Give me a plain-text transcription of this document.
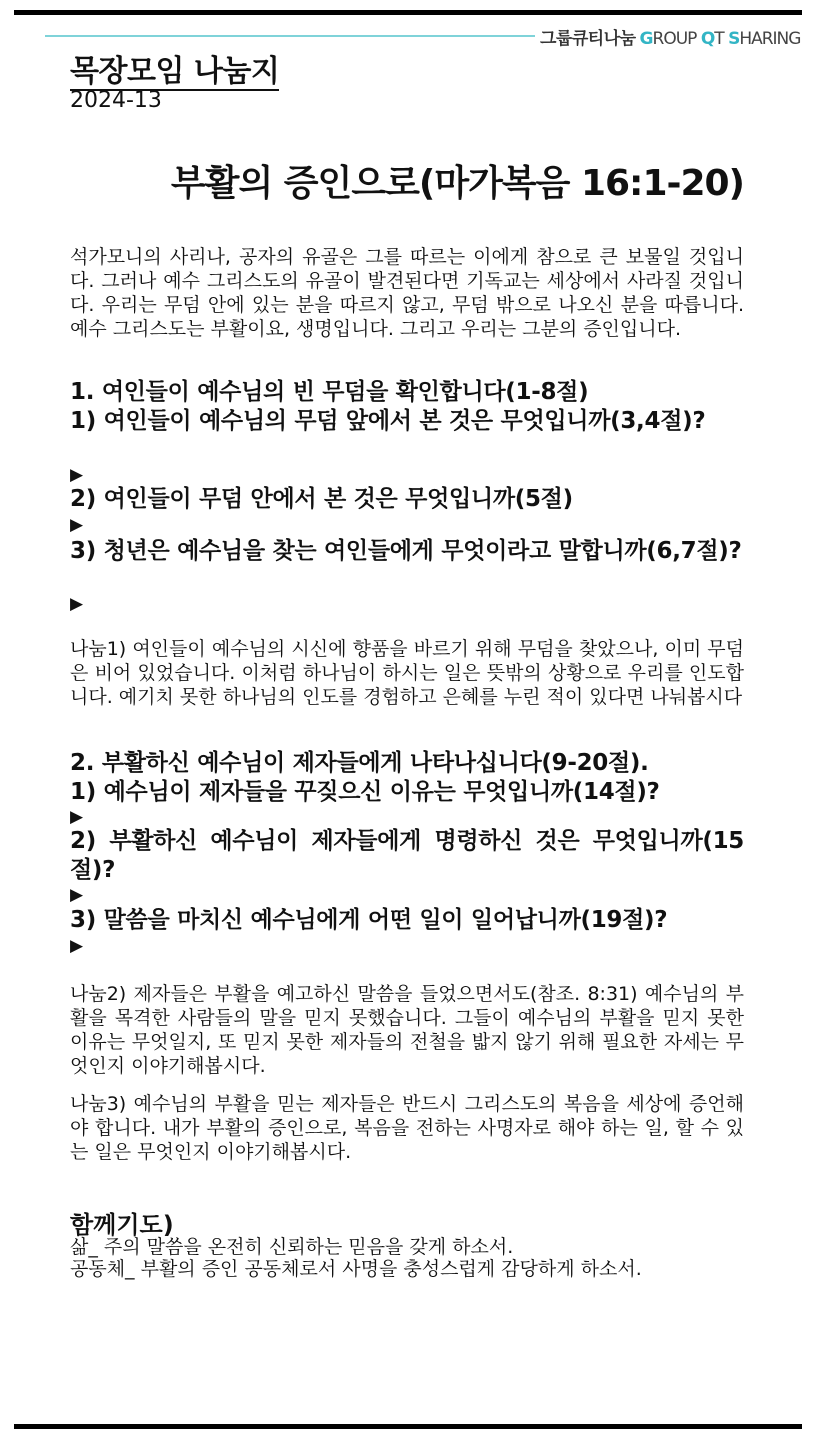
그룹큐티나눔 GROUP QT SHARING
목장모임 나눔지
2024-13
부활의 증인으로(마가복음 16:1-20)
석가모니의 사리나, 공자의 유골은 그를 따르는 이에게 참으로 큰 보물일 것입니다. 그러나 예수 그리스도의 유골이 발견된다면 기독교는 세상에서 사라질 것입니다. 우리는 무덤 안에 있는 분을 따르지 않고, 무덤 밖으로 나오신 분을 따릅니다. 예수 그리스도는 부활이요, 생명입니다. 그리고 우리는 그분의 증인입니다.
1. 여인들이 예수님의 빈 무덤을 확인합니다(1-8절)
1) 여인들이 예수님의 무덤 앞에서 본 것은 무엇입니까(3,4절)?
▶
2) 여인들이 무덤 안에서 본 것은 무엇입니까(5절)
▶
3) 청년은 예수님을 찾는 여인들에게 무엇이라고 말합니까(6,7절)?
▶
나눔1) 여인들이 예수님의 시신에 향품을 바르기 위해 무덤을 찾았으나, 이미 무덤은 비어 있었습니다. 이처럼 하나님이 하시는 일은 뜻밖의 상황으로 우리를 인도합니다. 예기치 못한 하나님의 인도를 경험하고 은혜를 누린 적이 있다면 나눠봅시다
2. 부활하신 예수님이 제자들에게 나타나십니다(9-20절).
1) 예수님이 제자들을 꾸짖으신 이유는 무엇입니까(14절)?
▶
2) 부활하신 예수님이 제자들에게 명령하신 것은 무엇입니까(15절)?
▶
3) 말씀을 마치신 예수님에게 어떤 일이 일어납니까(19절)?
▶
나눔2) 제자들은 부활을 예고하신 말씀을 들었으면서도(참조. 8:31) 예수님의 부활을 목격한 사람들의 말을 믿지 못했습니다. 그들이 예수님의 부활을 믿지 못한 이유는 무엇일지, 또 믿지 못한 제자들의 전철을 밟지 않기 위해 필요한 자세는 무엇인지 이야기해봅시다.
나눔3) 예수님의 부활을 믿는 제자들은 반드시 그리스도의 복음을 세상에 증언해야 합니다. 내가 부활의 증인으로, 복음을 전하는 사명자로 해야 하는 일, 할 수 있는 일은 무엇인지 이야기해봅시다.
함께기도)
삶_ 주의 말씀을 온전히 신뢰하는 믿음을 갖게 하소서.
공동체_ 부활의 증인 공동체로서 사명을 충성스럽게 감당하게 하소서.
